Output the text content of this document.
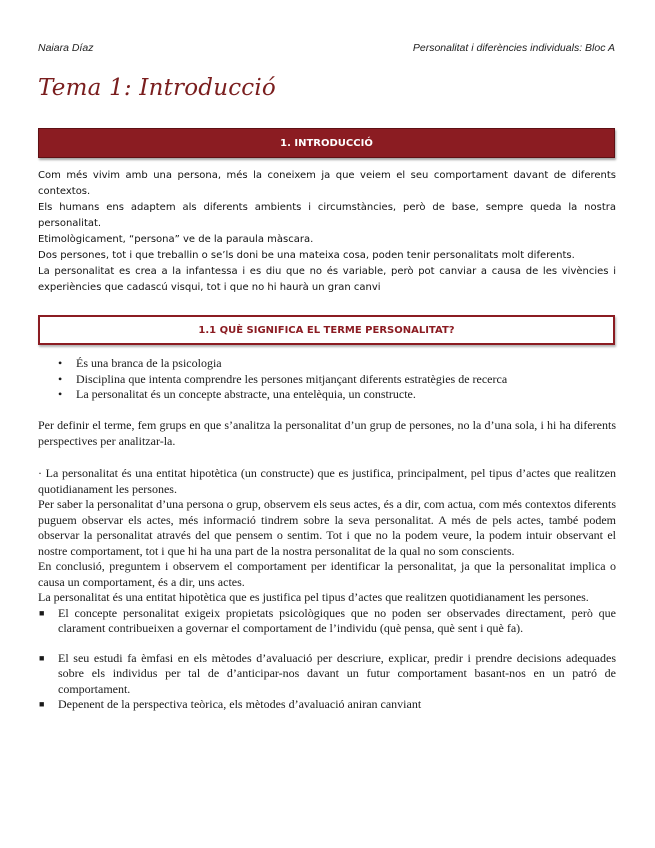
Naiara Díaz	Personalitat i diferències individuals: Bloc A
Tema 1: Introducció
1. INTRODUCCIÓ

Com més vivim amb una persona, més la coneixem ja que veiem el seu comportament davant de diferents contextos.

Els humans ens adaptem als diferents ambients i circumstàncies, però de base, sempre queda la nostra personalitat.

Etimològicament, “persona” ve de la paraula màscara.

Dos persones, tot i que treballin o se’ls doni be una mateixa cosa, poden tenir personalitats molt diferents.

La personalitat es crea a la infantessa i es diu que no és variable, però pot canviar a causa de les vivències i experiències que cadascú visqui, tot i que no hi haurà un gran canvi

1.1 QUÈ SIGNIFICA EL TERME PERSONALITAT?
• És una branca de la psicologia
• Disciplina que intenta comprendre les persones mitjançant diferents estratègies de recerca
• La personalitat és un concepte abstracte, una entelèquia, un constructe.

Per definir el terme, fem grups en que s’analitza la personalitat d’un grup de persones, no la d’una sola, i hi ha diferents perspectives per analitzar-la.

· La personalitat és una entitat hipotètica (un constructe) que es justifica, principalment, pel tipus d’actes que realitzen quotidianament les persones.

Per saber la personalitat d’una persona o grup, observem els seus actes, és a dir, com actua, com més contextos diferents puguem observar els actes, més informació tindrem sobre la seva personalitat. A més de pels actes, també podem observar la personalitat através del que pensem o sentim. Tot i que no la podem veure, la podem intuir observant el nostre comportament, tot i que hi ha una part de la nostra personalitat de la qual no som conscients.

En conclusió, preguntem i observem el comportament per identificar la personalitat, ja que la personalitat implica o causa un comportament, és a dir, uns actes.

La personalitat és una entitat hipotètica que es justifica pel tipus d’actes que realitzen quotidianament les persones.

■ El concepte personalitat exigeix propietats psicològiques que no poden ser observades directament, però que clarament contribueixen a governar el comportament de l’individu (què pensa, què sent i què fa).

■ El seu estudi fa èmfasi en els mètodes d’avaluació per descriure, explicar, predir i prendre decisions adequades sobre els individus per tal de d’anticipar-nos davant un futur comportament basant-nos en un patró de comportament.

■ Depenent de la perspectiva teòrica, els mètodes d’avaluació aniran canviant
